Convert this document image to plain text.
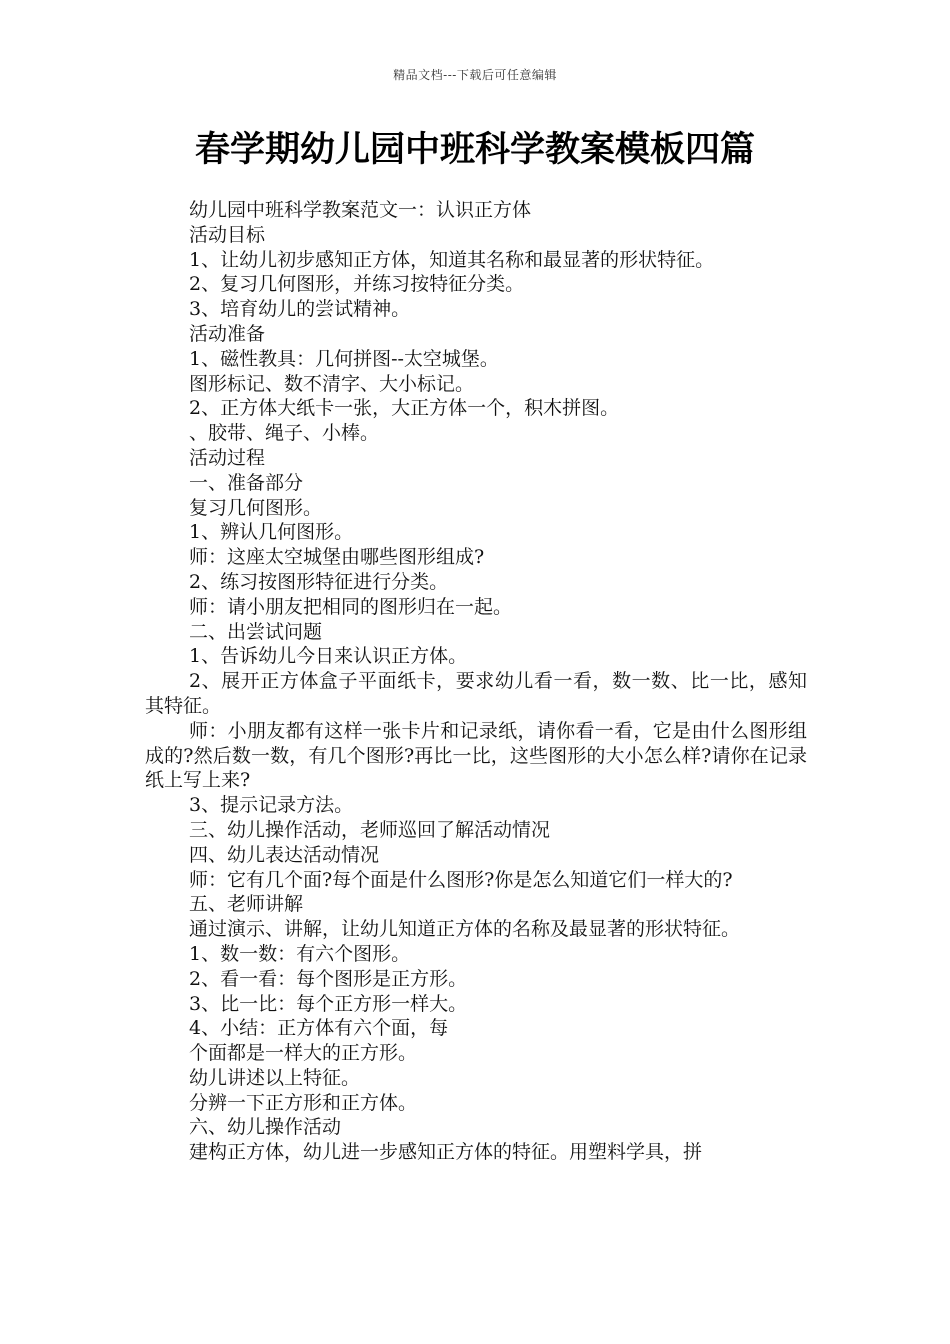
精品文档---下载后可任意编辑
春学期幼儿园中班科学教案模板四篇

幼儿园中班科学教案范文一：认识正方体

活动目标

1、让幼儿初步感知正方体，知道其名称和最显著的形状特征。

2、复习几何图形，并练习按特征分类。

3、培育幼儿的尝试精神。

活动准备

1、磁性教具：几何拼图--太空城堡。

图形标记、数不清字、大小标记。

2、正方体大纸卡一张，大正方体一个，积木拼图。

、胶带、绳子、小棒。

活动过程

一、准备部分

复习几何图形。

1、辨认几何图形。

师：这座太空城堡由哪些图形组成?

2、练习按图形特征进行分类。

师：请小朋友把相同的图形归在一起。

二、出尝试问题

1、告诉幼儿今日来认识正方体。

2、展开正方体盒子平面纸卡，要求幼儿看一看，数一数、比一比，感知其特征。

师：小朋友都有这样一张卡片和记录纸，请你看一看，它是由什么图形组成的?然后数一数，有几个图形?再比一比，这些图形的大小怎么样?请你在记录纸上写上来?

3、提示记录方法。

三、幼儿操作活动，老师巡回了解活动情况

四、幼儿表达活动情况

师：它有几个面?每个面是什么图形?你是怎么知道它们一样大的?

五、老师讲解

通过演示、讲解，让幼儿知道正方体的名称及最显著的形状特征。

1、数一数：有六个图形。

2、看一看：每个图形是正方形。

3、比一比：每个正方形一样大。

4、小结：正方体有六个面，每

个面都是一样大的正方形。

幼儿讲述以上特征。

分辨一下正方形和正方体。

六、幼儿操作活动

建构正方体，幼儿进一步感知正方体的特征。用塑料学具，拼
